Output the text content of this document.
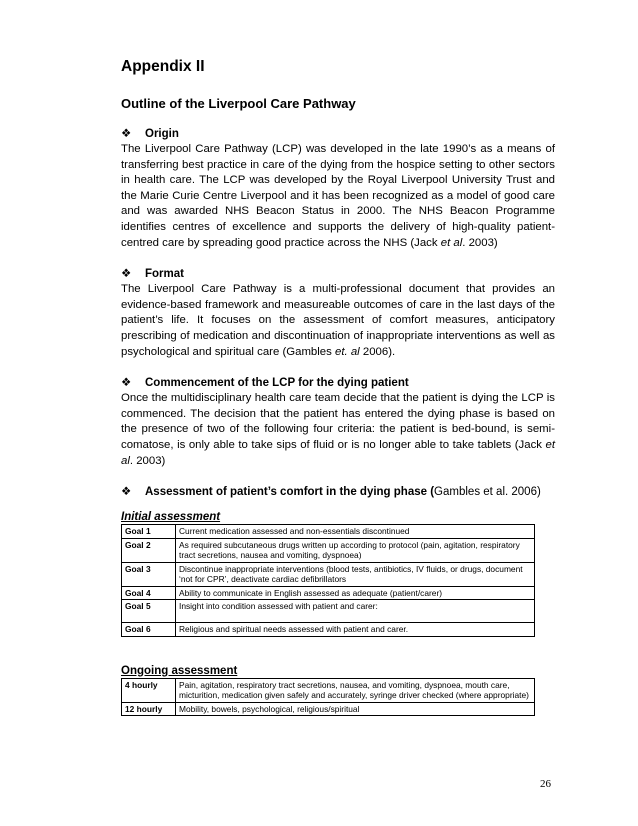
Appendix II

Outline of the Liverpool Care Pathway

❖ Origin

The Liverpool Care Pathway (LCP) was developed in the late 1990’s as a means of transferring best practice in care of the dying from the hospice setting to other sectors in health care. The LCP was developed by the Royal Liverpool University Trust and the Marie Curie Centre Liverpool and it has been recognized as a model of good care and was awarded NHS Beacon Status in 2000. The NHS Beacon Programme identifies centres of excellence and supports the delivery of high-quality patient-centred care by spreading good practice across the NHS (Jack et al. 2003)

❖ Format

The Liverpool Care Pathway is a multi-professional document that provides an evidence-based framework and measureable outcomes of care in the last days of the patient’s life. It focuses on the assessment of comfort measures, anticipatory prescribing of medication and discontinuation of inappropriate interventions as well as psychological and spiritual care (Gambles et. al 2006).

❖ Commencement of the LCP for the dying patient

Once the multidisciplinary health care team decide that the patient is dying the LCP is commenced. The decision that the patient has entered the dying phase is based on the presence of two of the following four criteria: the patient is bed-bound, is semi-comatose, is only able to take sips of fluid or is no longer able to take tablets (Jack et al. 2003)

❖ Assessment of patient’s comfort in the dying phase (Gambles et al. 2006)

Initial assessment

Goal 1	Current medication assessed and non-essentials discontinued
Goal 2	As required subcutaneous drugs written up according to protocol (pain, agitation, respiratory tract secretions, nausea and vomiting, dyspnoea)
Goal 3	Discontinue inappropriate interventions (blood tests, antibiotics, IV fluids, or drugs, document ‘not for CPR’, deactivate cardiac defibrillators
Goal 4	Ability to communicate in English assessed as adequate (patient/carer)
Goal 5	Insight into condition assessed with patient and carer:
Goal 6	Religious and spiritual needs assessed with patient and carer.

Ongoing assessment

4 hourly	Pain, agitation, respiratory tract secretions, nausea, and vomiting, dyspnoea, mouth care, micturition, medication given safely and accurately, syringe driver checked (where appropriate)
12 hourly	Mobility, bowels, psychological, religious/spiritual
26
